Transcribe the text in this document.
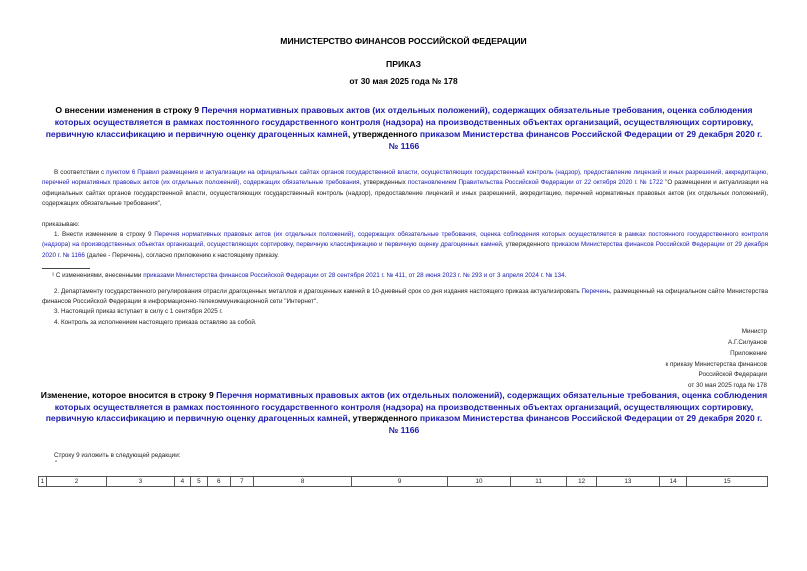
МИНИСТЕРСТВО ФИНАНСОВ РОССИЙСКОЙ ФЕДЕРАЦИИ
ПРИКАЗ
от 30 мая 2025 года № 178
О внесении изменения в строку 9 Перечня нормативных правовых актов (их отдельных положений), содержащих обязательные требования, оценка соблюдения которых осуществляется в рамках постоянного государственного контроля (надзора) на производственных объектах организаций, осуществляющих сортировку, первичную классификацию и первичную оценку драгоценных камней, утвержденного приказом Министерства финансов Российской Федерации от 29 декабря 2020 г. № 1166
В соответствии с пунктом 6 Правил размещения и актуализации на официальных сайтах органов государственной власти, осуществляющих государственный контроль (надзор), предоставление лицензий и иных разрешений, аккредитацию, перечней нормативных правовых актов (их отдельных положений), содержащих обязательные требования, утвержденных постановлением Правительства Российской Федерации от 22 октября 2020 г. № 1722 "О размещении и актуализации на официальных сайтах органов государственной власти, осуществляющих государственный контроль (надзор), предоставление лицензий и иных разрешений, аккредитацию, перечней нормативных правовых актов (их отдельных положений), содержащих обязательные требования",
приказываю:
1. Внести изменение в строку 9 Перечня нормативных правовых актов (их отдельных положений), содержащих обязательные требования, оценка соблюдения которых осуществляется в рамках постоянного государственного контроля (надзора) на производственных объектах организаций, осуществляющих сортировку, первичную классификацию и первичную оценку драгоценных камней, утвержденного приказом Министерства финансов Российской Федерации от 29 декабря 2020 г. № 1166 (далее - Перечень), согласно приложению к настоящему приказу.
¹ С изменениями, внесенными приказами Министерства финансов Российской Федерации от 28 сентября 2021 г. № 411, от 28 июня 2023 г. № 293 и от 3 апреля 2024 г. № 134.
2. Департаменту государственного регулирования отрасли драгоценных металлов и драгоценных камней в 10-дневный срок со дня издания настоящего приказа актуализировать Перечень, размещенный на официальном сайте Министерства финансов Российской Федерации в информационно-телекоммуникационной сети "Интернет".
3. Настоящий приказ вступает в силу с 1 сентября 2025 г.
4. Контроль за исполнением настоящего приказа оставляю за собой.
Министр
А.Г.Силуанов
Приложение
к приказу Министерства финансов
Российской Федерации
от 30 мая 2025 года № 178
Изменение, которое вносится в строку 9 Перечня нормативных правовых актов (их отдельных положений), содержащих обязательные требования, оценка соблюдения которых осуществляется в рамках постоянного государственного контроля (надзора) на производственных объектах организаций, осуществляющих сортировку, первичную классификацию и первичную оценку драгоценных камней, утвержденного приказом Министерства финансов Российской Федерации от 29 декабря 2020 г. № 1166
Строку 9 изложить в следующей редакции:
"
1	2	3	4	5	6	7	8	9	10	11	12	13	14	15
